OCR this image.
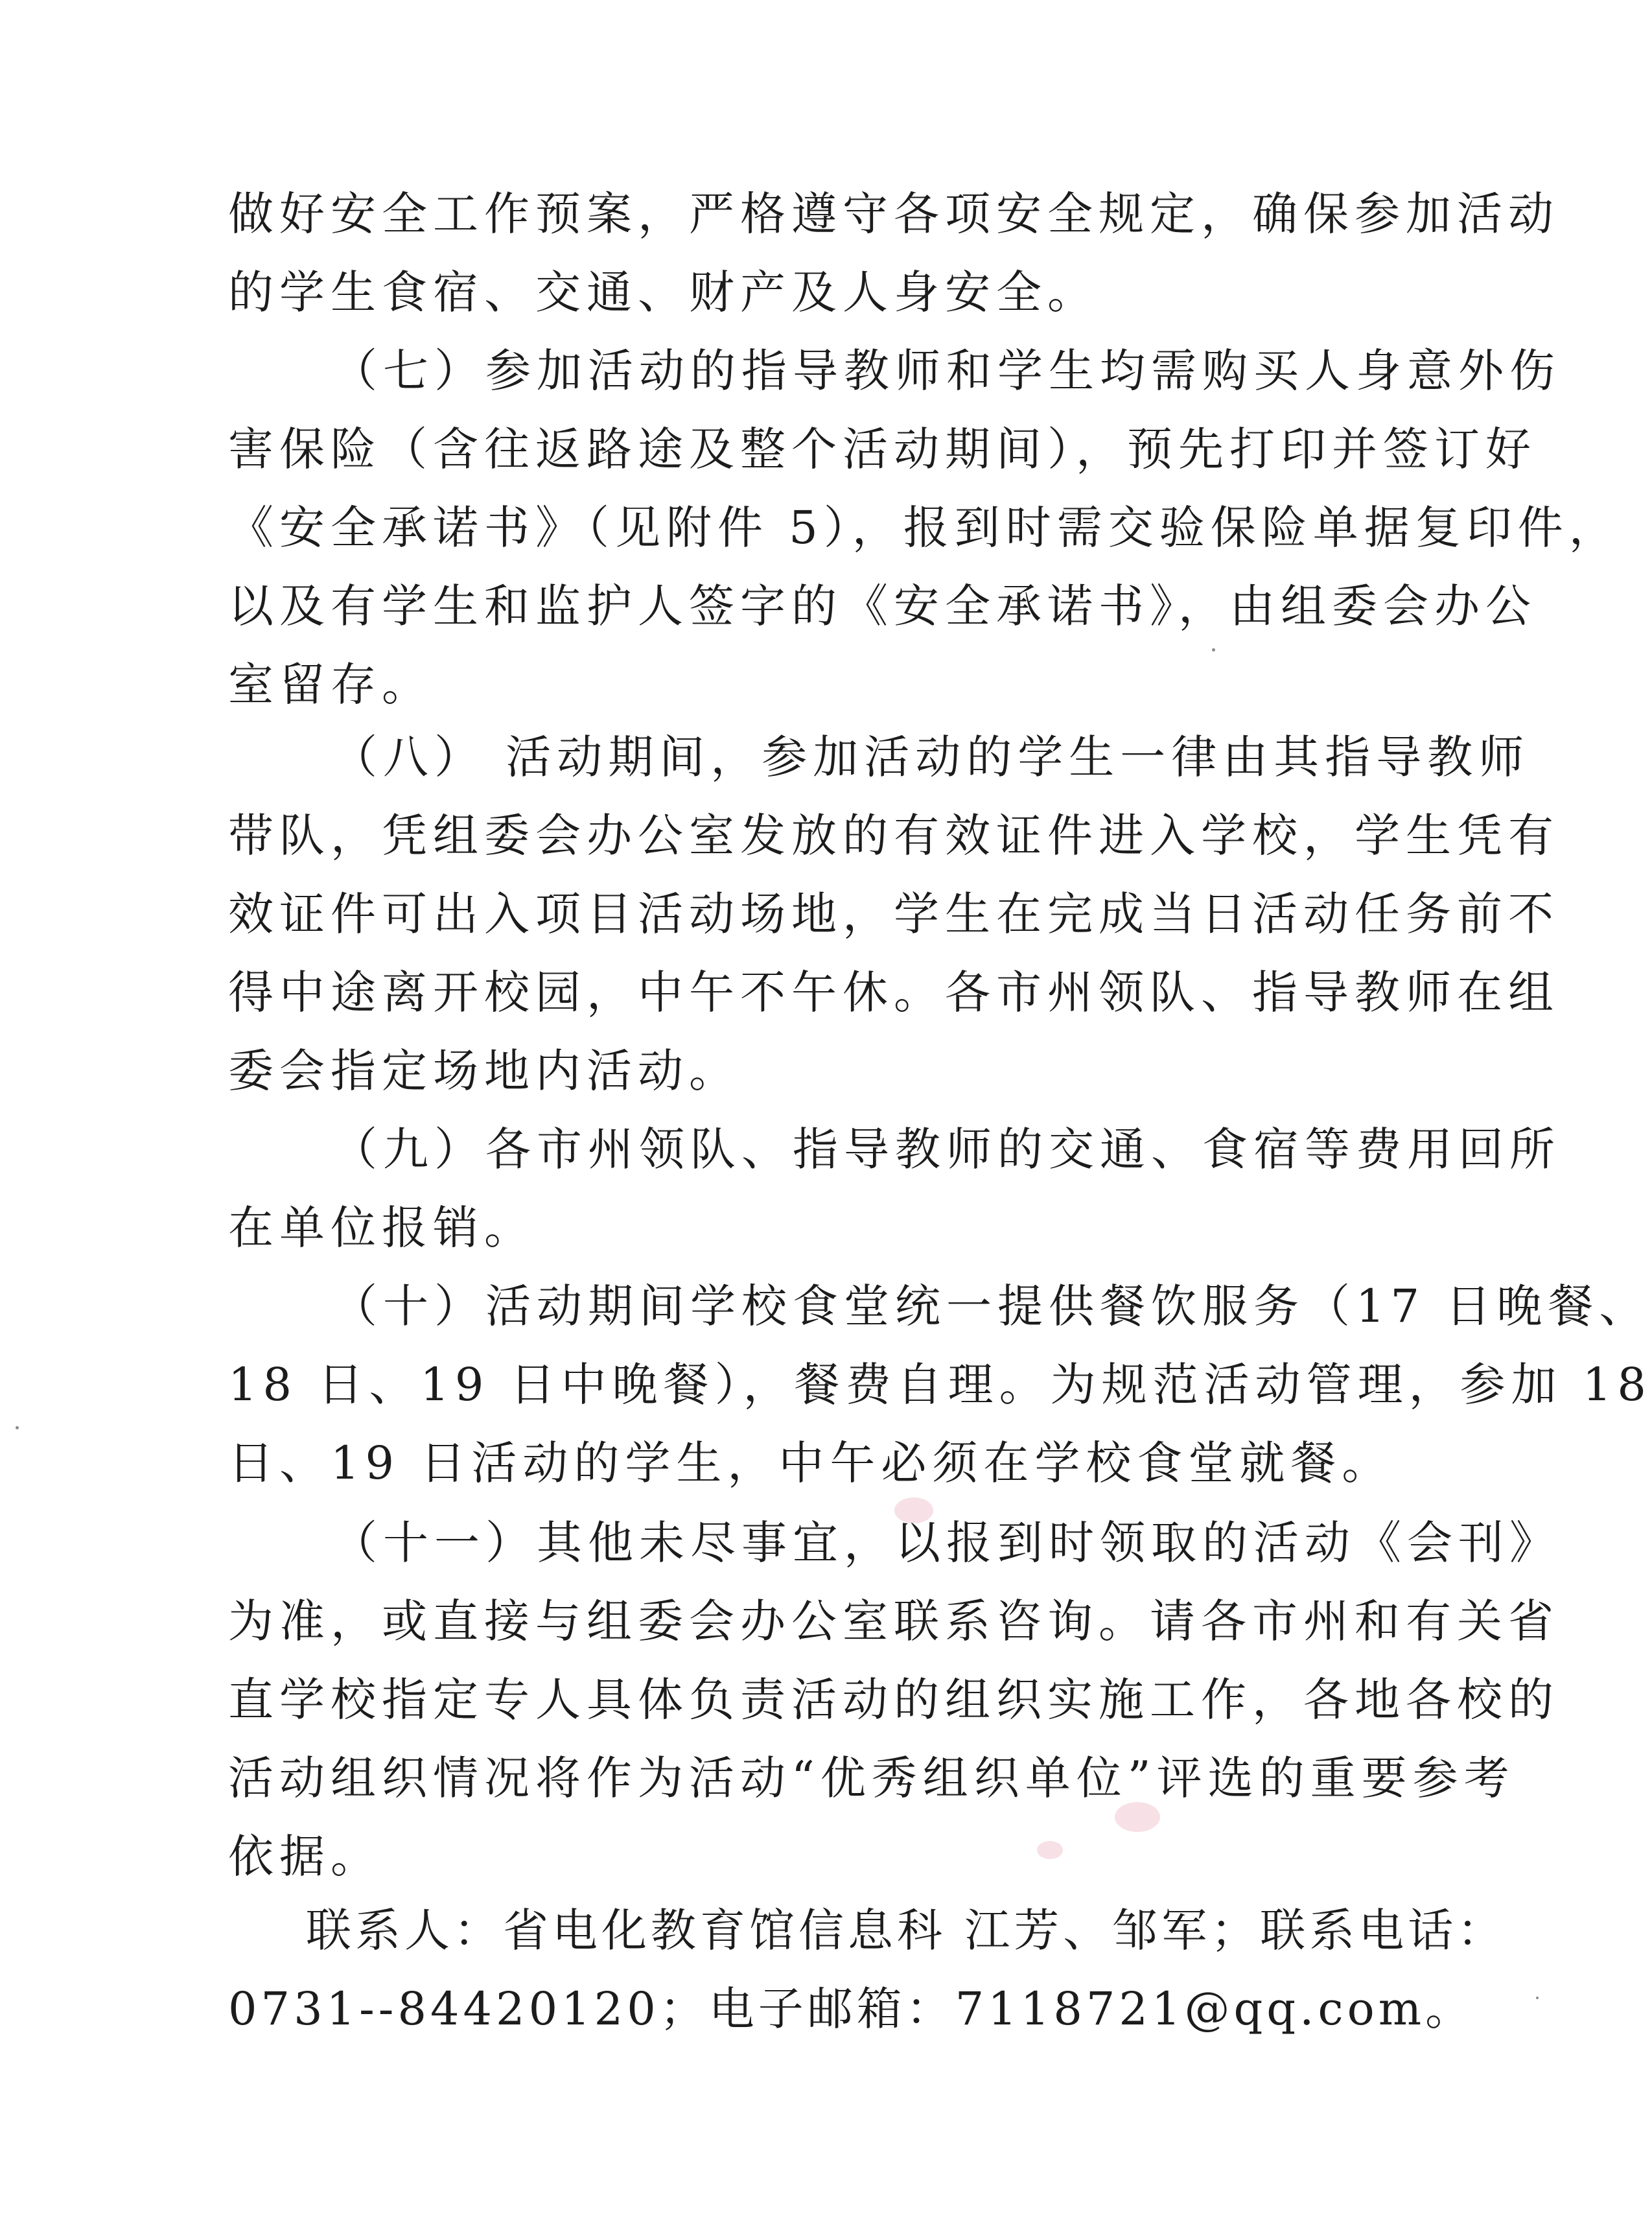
做好安全工作预案，严格遵守各项安全规定，确保参加活动
的学生食宿、交通、财产及人身安全。
（七）参加活动的指导教师和学生均需购买人身意外伤
害保险（含往返路途及整个活动期间），预先打印并签订好
《安全承诺书》（见附件 5），报到时需交验保险单据复印件，
以及有学生和监护人签字的《安全承诺书》，由组委会办公
室留存。
（八） 活动期间，参加活动的学生一律由其指导教师
带队，凭组委会办公室发放的有效证件进入学校，学生凭有
效证件可出入项目活动场地，学生在完成当日活动任务前不
得中途离开校园，中午不午休。各市州领队、指导教师在组
委会指定场地内活动。
（九）各市州领队、指导教师的交通、食宿等费用回所
在单位报销。
（十）活动期间学校食堂统一提供餐饮服务（17 日晚餐、
18 日、19 日中晚餐），餐费自理。为规范活动管理，参加 18
日、19 日活动的学生，中午必须在学校食堂就餐。
（十一）其他未尽事宜，以报到时领取的活动《会刊》
为准，或直接与组委会办公室联系咨询。请各市州和有关省
直学校指定专人具体负责活动的组织实施工作，各地各校的
活动组织情况将作为活动“优秀组织单位”评选的重要参考
依据。
联系人：省电化教育馆信息科 江芳、邹军；联系电话：
0731--84420120；电子邮箱：7118721@qq.com。
